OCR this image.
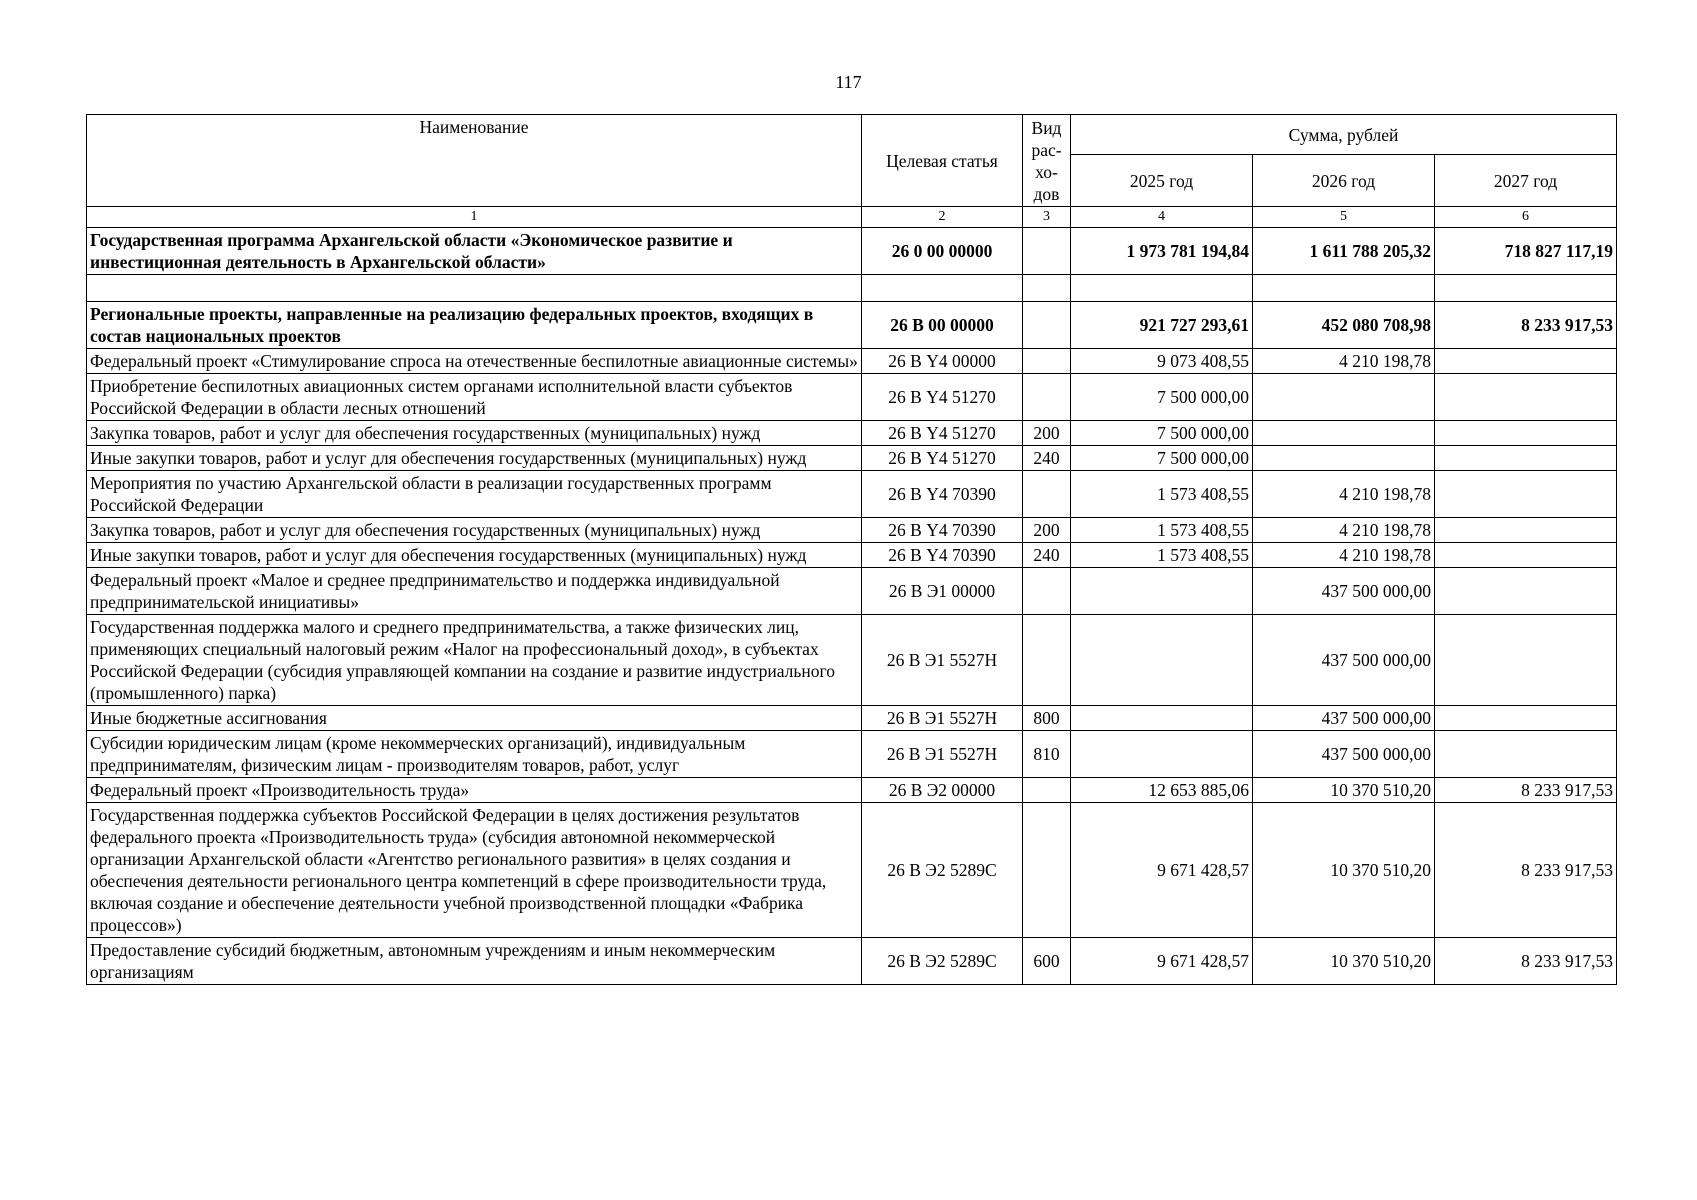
117
Наименование	Целевая статья	Вид рас-хо-дов	Сумма, рублей		
			2025 год	2026 год	2027 год
1	2	3	4	5	6
Государственная программа Архангельской области «Экономическое развитие и инвестиционная деятельность в Архангельской области»	26 0 00 00000		1 973 781 194,84	1 611 788 205,32	718 827 117,19

Региональные проекты, направленные на реализацию федеральных проектов, входящих в состав национальных проектов	26 В 00 00000		921 727 293,61	452 080 708,98	8 233 917,53
Федеральный проект «Стимулирование спроса на отечественные беспилотные авиационные системы»	26 В Y4 00000		9 073 408,55	4 210 198,78	
Приобретение беспилотных авиационных систем органами исполнительной власти субъектов Российской Федерации в области лесных отношений	26 В Y4 51270		7 500 000,00		
Закупка товаров, работ и услуг для обеспечения государственных (муниципальных) нужд	26 В Y4 51270	200	7 500 000,00		
Иные закупки товаров, работ и услуг для обеспечения государственных (муниципальных) нужд	26 В Y4 51270	240	7 500 000,00		
Мероприятия по участию Архангельской области в реализации государственных программ Российской Федерации	26 В Y4 70390		1 573 408,55	4 210 198,78	
Закупка товаров, работ и услуг для обеспечения государственных (муниципальных) нужд	26 В Y4 70390	200	1 573 408,55	4 210 198,78	
Иные закупки товаров, работ и услуг для обеспечения государственных (муниципальных) нужд	26 В Y4 70390	240	1 573 408,55	4 210 198,78	
Федеральный проект «Малое и среднее предпринимательство и поддержка индивидуальной предпринимательской инициативы»	26 В Э1 00000			437 500 000,00	
Государственная поддержка малого и среднего предпринимательства, а также физических лиц, применяющих специальный налоговый режим «Налог на профессиональный доход», в субъектах Российской Федерации (субсидия управляющей компании на создание и развитие индустриального (промышленного) парка)	26 В Э1 5527Н			437 500 000,00	
Иные бюджетные ассигнования	26 В Э1 5527Н	800		437 500 000,00	
Субсидии юридическим лицам (кроме некоммерческих организаций), индивидуальным предпринимателям, физическим лицам - производителям товаров, работ, услуг	26 В Э1 5527Н	810		437 500 000,00	
Федеральный проект «Производительность труда»	26 В Э2 00000		12 653 885,06	10 370 510,20	8 233 917,53
Государственная поддержка субъектов Российской Федерации в целях достижения результатов федерального проекта «Производительность труда» (субсидия автономной некоммерческой организации Архангельской области «Агентство регионального развития» в целях создания и обеспечения деятельности регионального центра компетенций в сфере производительности труда, включая создание и обеспечение деятельности учебной производственной площадки «Фабрика процессов»)	26 В Э2 5289С		9 671 428,57	10 370 510,20	8 233 917,53
Предоставление субсидий бюджетным, автономным учреждениям и иным некоммерческим организациям	26 В Э2 5289С	600	9 671 428,57	10 370 510,20	8 233 917,53
